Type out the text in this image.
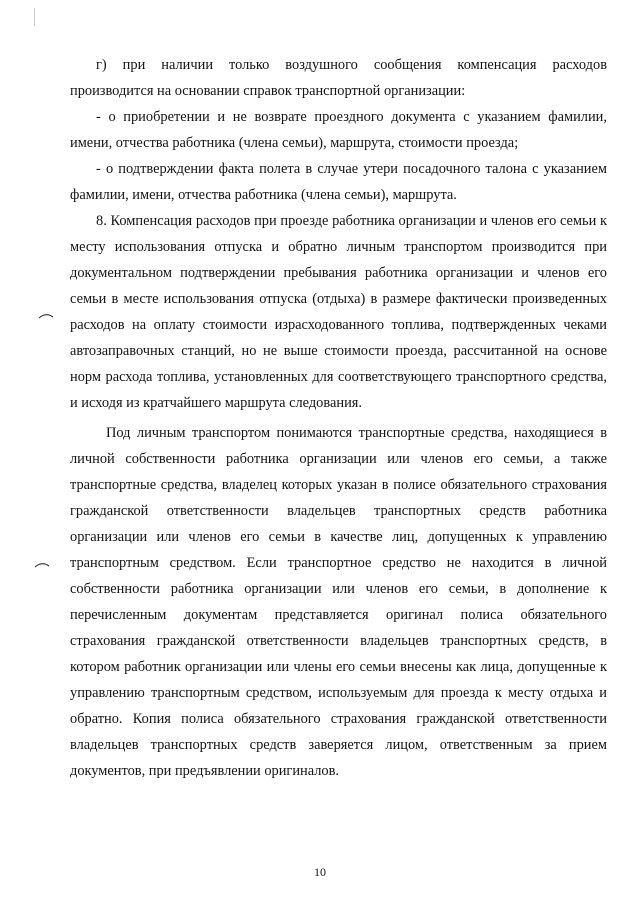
г) при наличии только воздушного сообщения компенсация расходов производится на основании справок транспортной организации:

- о приобретении и не возврате проездного документа с указанием фамилии, имени, отчества работника (члена семьи), маршрута, стоимости проезда;

- о подтверждении факта полета в случае утери посадочного талона с указанием фамилии, имени, отчества работника (члена семьи), маршрута.

8. Компенсация расходов при проезде работника организации и членов его семьи к месту использования отпуска и обратно личным транспортом производится при документальном подтверждении пребывания работника организации и членов его семьи в месте использования отпуска (отдыха) в размере фактически произведенных расходов на оплату стоимости израсходованного топлива, подтвержденных чеками автозаправочных станций, но не выше стоимости проезда, рассчитанной на основе норм расхода топлива, установленных для соответствующего транспортного средства, и исходя из кратчайшего маршрута следования.

Под личным транспортом понимаются транспортные средства, находящиеся в личной собственности работника организации или членов его семьи, а также транспортные средства, владелец которых указан в полисе обязательного страхования гражданской ответственности владельцев транспортных средств работника организации или членов его семьи в качестве лиц, допущенных к управлению транспортным средством. Если транспортное средство не находится в личной собственности работника организации или членов его семьи, в дополнение к перечисленным документам представляется оригинал полиса обязательного страхования гражданской ответственности владельцев транспортных средств, в котором работник организации или члены его семьи внесены как лица, допущенные к управлению транспортным средством, используемым для проезда к месту отдыха и обратно. Копия полиса обязательного страхования гражданской ответственности владельцев транспортных средств заверяется лицом, ответственным за прием документов, при предъявлении оригиналов.

10
